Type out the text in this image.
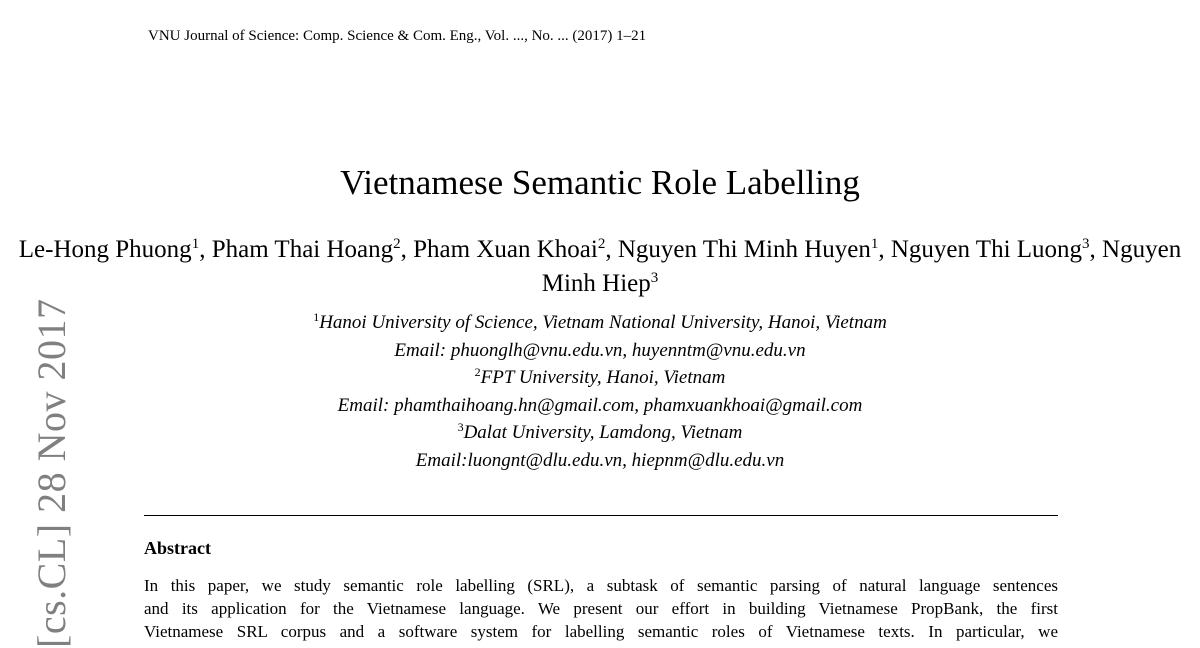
VNU Journal of Science: Comp. Science & Com. Eng., Vol. ..., No. ... (2017) 1–21
[cs.CL] 28 Nov 2017
Vietnamese Semantic Role Labelling
Le-Hong Phuong$^1$, Pham Thai Hoang$^2$, Pham Xuan Khoai$^2$, Nguyen Thi Minh Huyen$^1$, Nguyen Thi Luong$^3$, Nguyen Minh Hiep$^3$
$^1$Hanoi University of Science, Vietnam National University, Hanoi, Vietnam
Email: phuonglh@vnu.edu.vn, huyenntm@vnu.edu.vn
$^2$FPT University, Hanoi, Vietnam
Email: phamthaihoang.hn@gmail.com, phamxuankhoai@gmail.com
$^3$Dalat University, Lamdong, Vietnam
Email:luongnt@dlu.edu.vn, hiepnm@dlu.edu.vn
Abstract
In this paper, we study semantic role labelling (SRL), a subtask of semantic parsing of natural language sentences
and its application for the Vietnamese language. We present our effort in building Vietnamese PropBank, the first
Vietnamese SRL corpus and a software system for labelling semantic roles of Vietnamese texts. In particular, we
